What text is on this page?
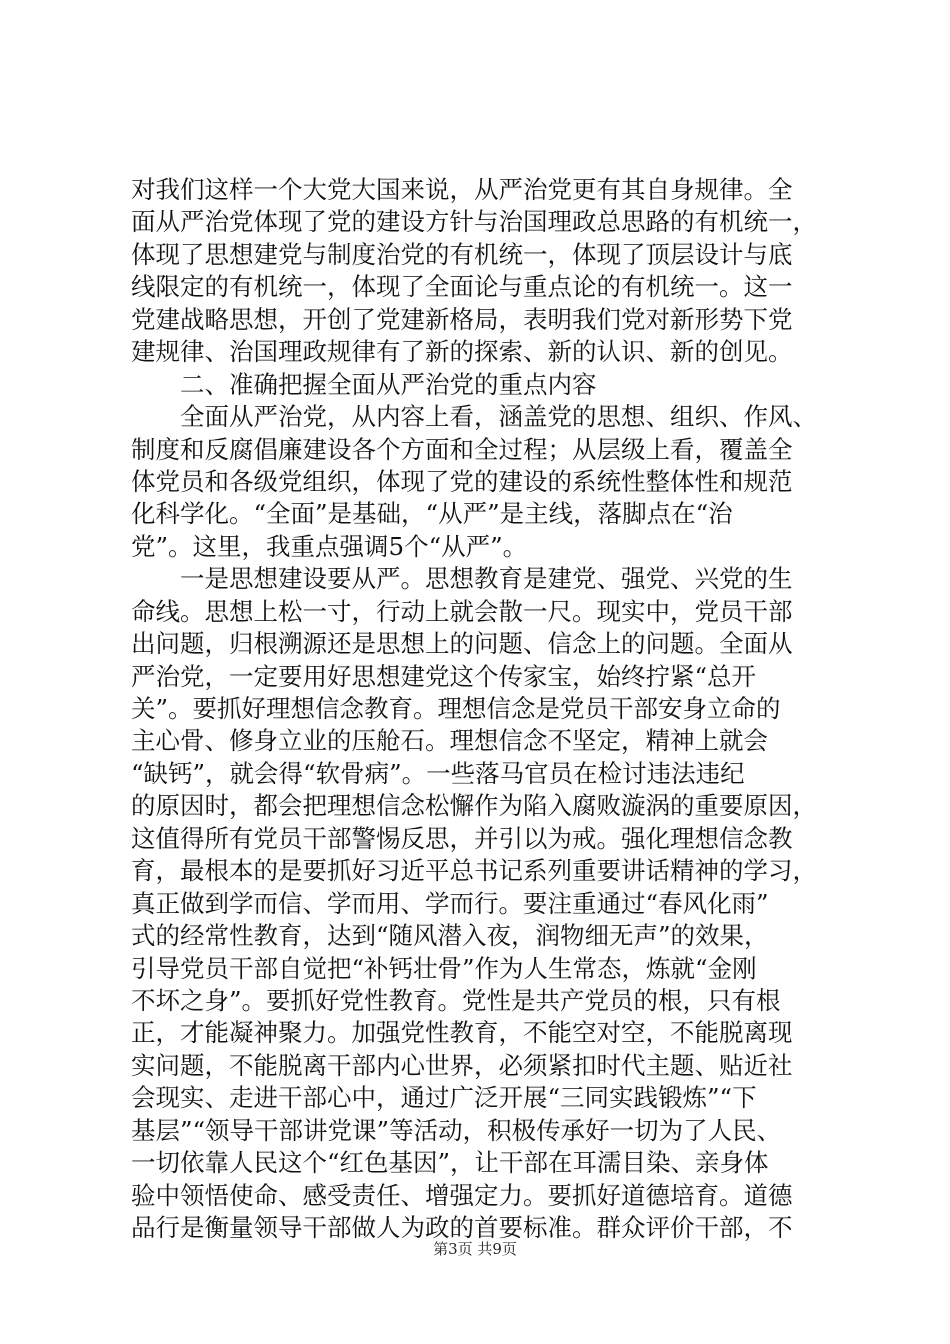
对我们这样一个大党大国来说，从严治党更有其自身规律。全
面从严治党体现了党的建设方针与治国理政总思路的有机统一，
体现了思想建党与制度治党的有机统一，体现了顶层设计与底
线限定的有机统一，体现了全面论与重点论的有机统一。这一
党建战略思想，开创了党建新格局，表明我们党对新形势下党
建规律、治国理政规律有了新的探索、新的认识、新的创见。
二、准确把握全面从严治党的重点内容
全面从严治党，从内容上看，涵盖党的思想、组织、作风、
制度和反腐倡廉建设各个方面和全过程；从层级上看，覆盖全
体党员和各级党组织，体现了党的建设的系统性整体性和规范
化科学化。“全面”是基础，“从严”是主线，落脚点在“治
党”。这里，我重点强调5个“从严”。
一是思想建设要从严。思想教育是建党、强党、兴党的生
命线。思想上松一寸，行动上就会散一尺。现实中，党员干部
出问题，归根溯源还是思想上的问题、信念上的问题。全面从
严治党，一定要用好思想建党这个传家宝，始终拧紧“总开
关”。要抓好理想信念教育。理想信念是党员干部安身立命的
主心骨、修身立业的压舱石。理想信念不坚定，精神上就会
“缺钙”，就会得“软骨病”。一些落马官员在检讨违法违纪
的原因时，都会把理想信念松懈作为陷入腐败漩涡的重要原因，
这值得所有党员干部警惕反思，并引以为戒。强化理想信念教
育，最根本的是要抓好习近平总书记系列重要讲话精神的学习，
真正做到学而信、学而用、学而行。要注重通过“春风化雨”
式的经常性教育，达到“随风潜入夜，润物细无声”的效果，
引导党员干部自觉把“补钙壮骨”作为人生常态，炼就“金刚
不坏之身”。要抓好党性教育。党性是共产党员的根，只有根
正，才能凝神聚力。加强党性教育，不能空对空，不能脱离现
实问题，不能脱离干部内心世界，必须紧扣时代主题、贴近社
会现实、走进干部心中，通过广泛开展“三同实践锻炼”“下
基层”“领导干部讲党课”等活动，积极传承好一切为了人民、
一切依靠人民这个“红色基因”，让干部在耳濡目染、亲身体
验中领悟使命、感受责任、增强定力。要抓好道德培育。道德
品行是衡量领导干部做人为政的首要标准。群众评价干部，不
第3页 共9页
